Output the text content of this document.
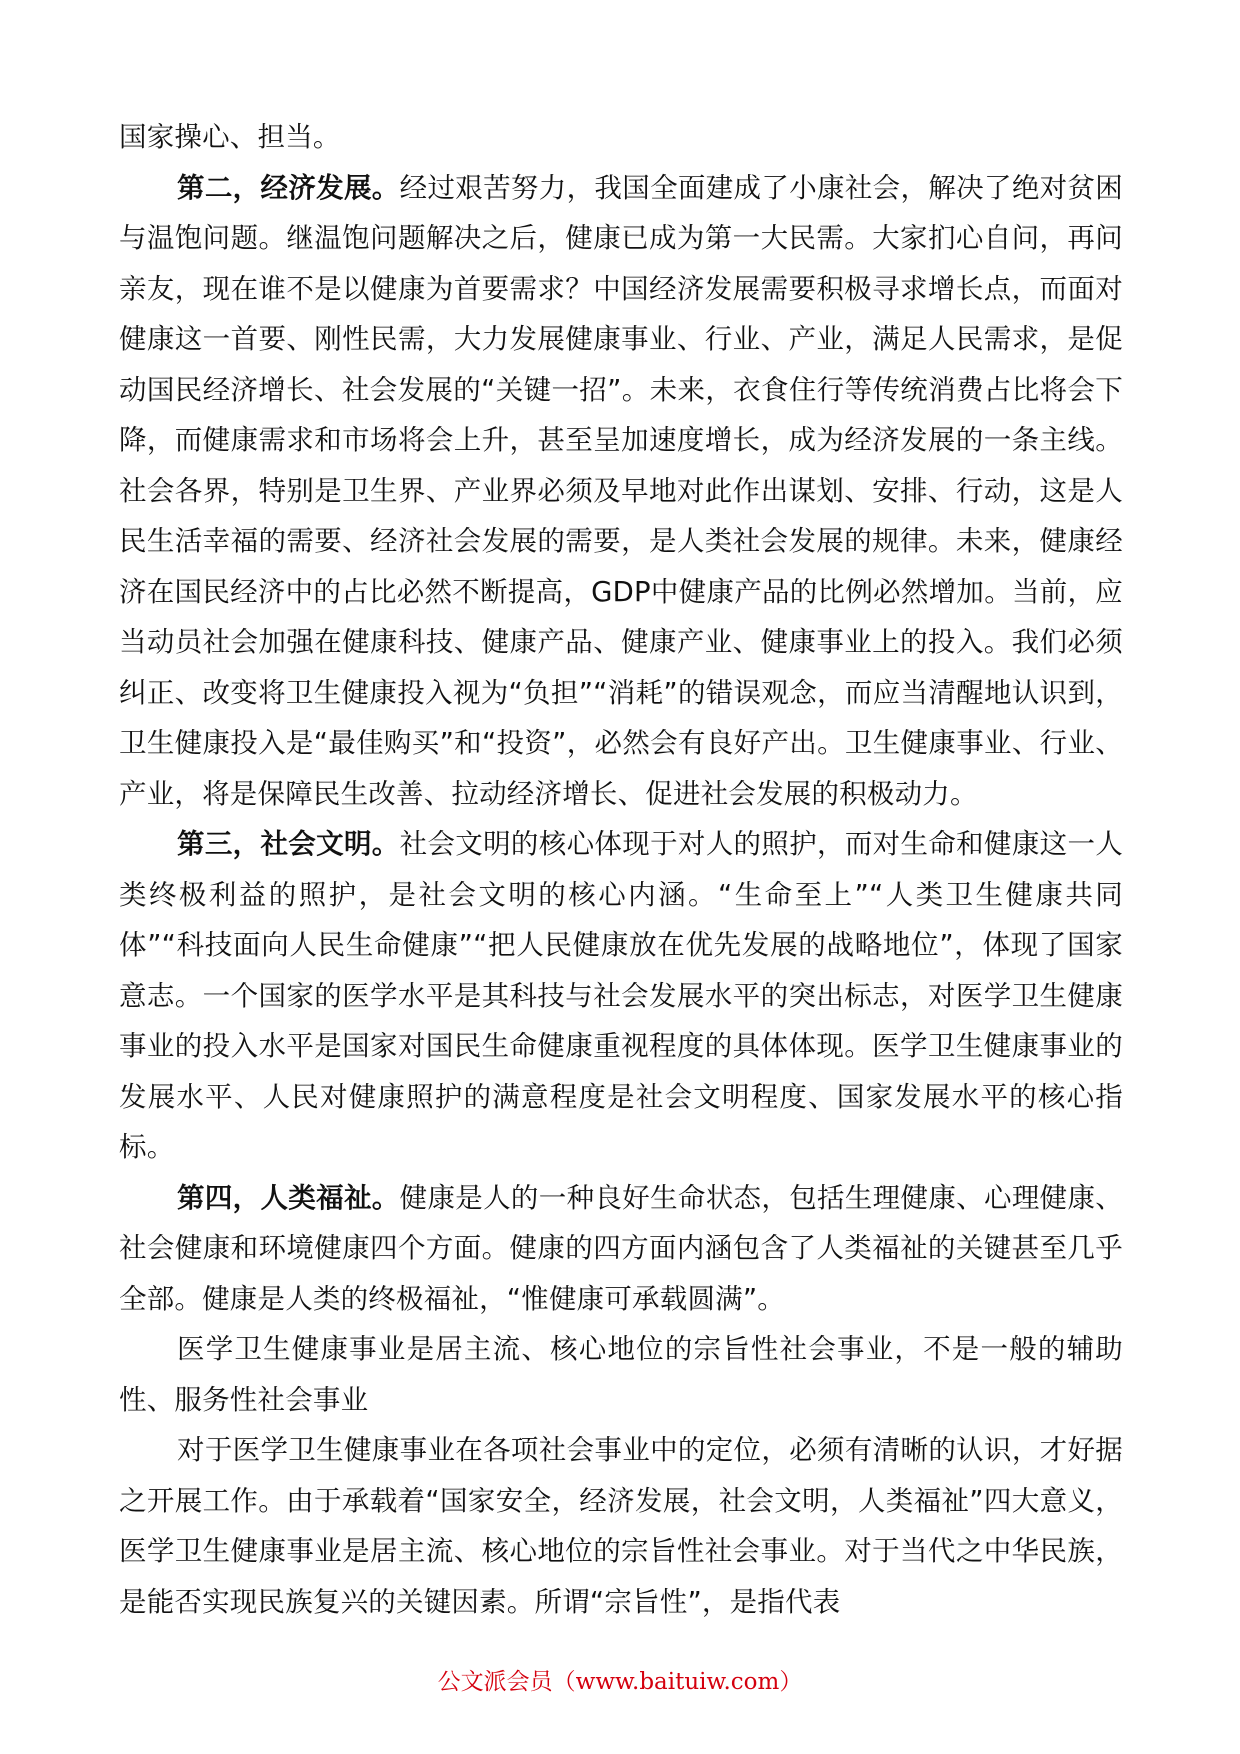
国家操心、担当。

第二，经济发展。经过艰苦努力，我国全面建成了小康社会，解决了绝对贫困与温饱问题。继温饱问题解决之后，健康已成为第一大民需。大家扪心自问，再问亲友，现在谁不是以健康为首要需求？中国经济发展需要积极寻求增长点，而面对健康这一首要、刚性民需，大力发展健康事业、行业、产业，满足人民需求，是促动国民经济增长、社会发展的“关键一招”。未来，衣食住行等传统消费占比将会下降，而健康需求和市场将会上升，甚至呈加速度增长，成为经济发展的一条主线。社会各界，特别是卫生界、产业界必须及早地对此作出谋划、安排、行动，这是人民生活幸福的需要、经济社会发展的需要，是人类社会发展的规律。未来，健康经济在国民经济中的占比必然不断提高，GDP中健康产品的比例必然增加。当前，应当动员社会加强在健康科技、健康产品、健康产业、健康事业上的投入。我们必须纠正、改变将卫生健康投入视为“负担”“消耗”的错误观念，而应当清醒地认识到，卫生健康投入是“最佳购买”和“投资”，必然会有良好产出。卫生健康事业、行业、产业，将是保障民生改善、拉动经济增长、促进社会发展的积极动力。

第三，社会文明。社会文明的核心体现于对人的照护，而对生命和健康这一人类终极利益的照护，是社会文明的核心内涵。“生命至上”“人类卫生健康共同体”“科技面向人民生命健康”“把人民健康放在优先发展的战略地位”，体现了国家意志。一个国家的医学水平是其科技与社会发展水平的突出标志，对医学卫生健康事业的投入水平是国家对国民生命健康重视程度的具体体现。医学卫生健康事业的发展水平、人民对健康照护的满意程度是社会文明程度、国家发展水平的核心指标。

第四，人类福祉。健康是人的一种良好生命状态，包括生理健康、心理健康、社会健康和环境健康四个方面。健康的四方面内涵包含了人类福祉的关键甚至几乎全部。健康是人类的终极福祉，“惟健康可承载圆满”。

医学卫生健康事业是居主流、核心地位的宗旨性社会事业，不是一般的辅助性、服务性社会事业

对于医学卫生健康事业在各项社会事业中的定位，必须有清晰的认识，才好据之开展工作。由于承载着“国家安全，经济发展，社会文明，人类福祉”四大意义，医学卫生健康事业是居主流、核心地位的宗旨性社会事业。对于当代之中华民族，是能否实现民族复兴的关键因素。所谓“宗旨性”，是指代表

公文派会员（www.baituiw.com）
